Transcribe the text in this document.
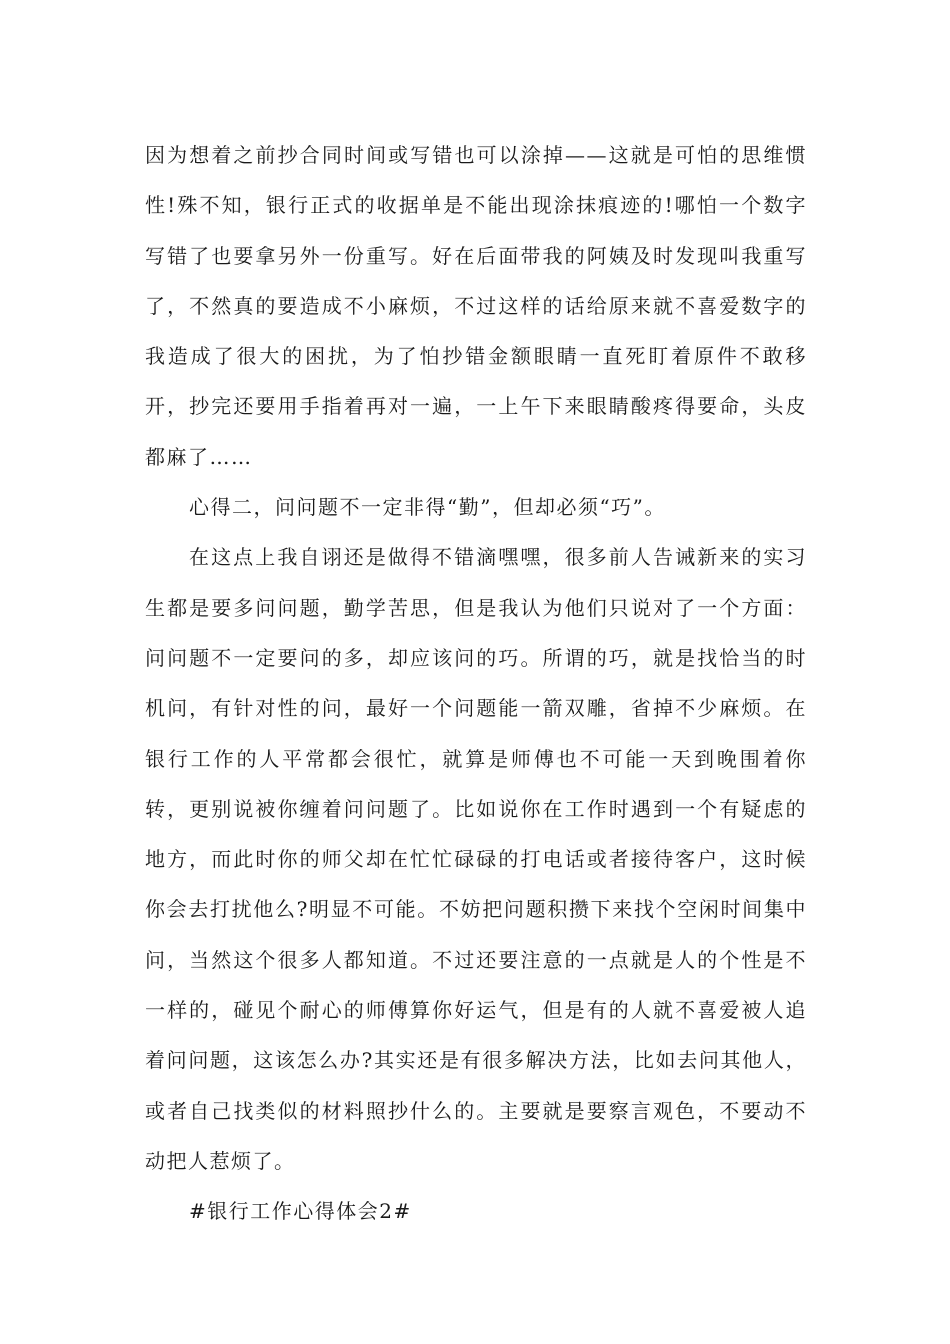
因为想着之前抄合同时间或写错也可以涂掉——这就是可怕的思维惯性!殊不知，银行正式的收据单是不能出现涂抹痕迹的!哪怕一个数字写错了也要拿另外一份重写。好在后面带我的阿姨及时发现叫我重写了，不然真的要造成不小麻烦，不过这样的话给原来就不喜爱数字的我造成了很大的困扰，为了怕抄错金额眼睛一直死盯着原件不敢移开，抄完还要用手指着再对一遍，一上午下来眼睛酸疼得要命，头皮都麻了……

心得二，问问题不一定非得“勤”，但却必须“巧”。

在这点上我自诩还是做得不错滴嘿嘿，很多前人告诫新来的实习生都是要多问问题，勤学苦思，但是我认为他们只说对了一个方面：问问题不一定要问的多，却应该问的巧。所谓的巧，就是找恰当的时机问，有针对性的问，最好一个问题能一箭双雕，省掉不少麻烦。在银行工作的人平常都会很忙，就算是师傅也不可能一天到晚围着你转，更别说被你缠着问问题了。比如说你在工作时遇到一个有疑虑的地方，而此时你的师父却在忙忙碌碌的打电话或者接待客户，这时候你会去打扰他么?明显不可能。不妨把问题积攒下来找个空闲时间集中问，当然这个很多人都知道。不过还要注意的一点就是人的个性是不一样的，碰见个耐心的师傅算你好运气，但是有的人就不喜爱被人追着问问题，这该怎么办?其实还是有很多解决方法，比如去问其他人，或者自己找类似的材料照抄什么的。主要就是要察言观色，不要动不动把人惹烦了。

#银行工作心得体会2#
